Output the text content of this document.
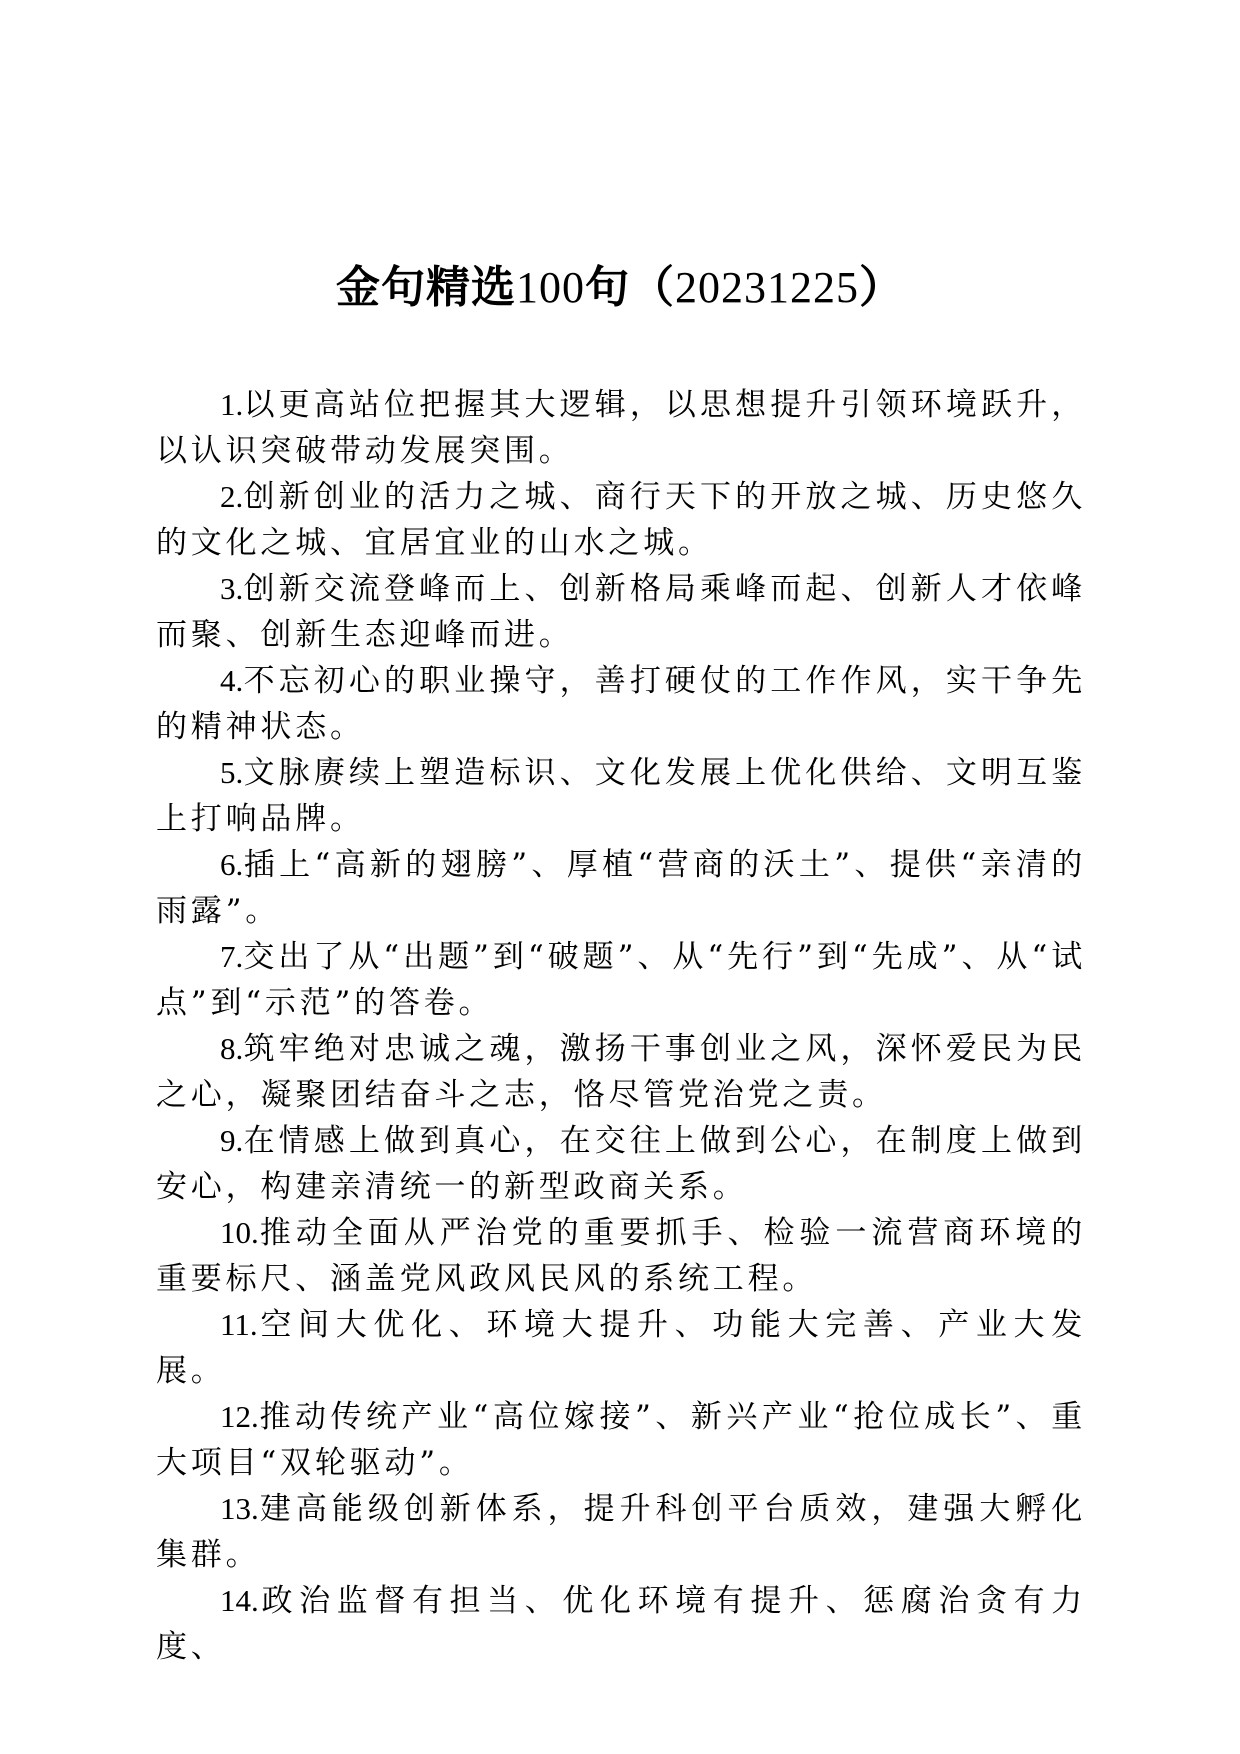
金句精选100句（20231225）

1.以更高站位把握其大逻辑，以思想提升引领环境跃升，以认识突破带动发展突围。

2.创新创业的活力之城、商行天下的开放之城、历史悠久的文化之城、宜居宜业的山水之城。

3.创新交流登峰而上、创新格局乘峰而起、创新人才依峰而聚、创新生态迎峰而进。

4.不忘初心的职业操守，善打硬仗的工作作风，实干争先的精神状态。

5.文脉赓续上塑造标识、文化发展上优化供给、文明互鉴上打响品牌。

6.插上“高新的翅膀”、厚植“营商的沃土”、提供“亲清的雨露”。

7.交出了从“出题”到“破题”、从“先行”到“先成”、从“试点”到“示范”的答卷。

8.筑牢绝对忠诚之魂，激扬干事创业之风，深怀爱民为民之心，凝聚团结奋斗之志，恪尽管党治党之责。

9.在情感上做到真心，在交往上做到公心，在制度上做到安心，构建亲清统一的新型政商关系。

10.推动全面从严治党的重要抓手、检验一流营商环境的重要标尺、涵盖党风政风民风的系统工程。

11.空间大优化、环境大提升、功能大完善、产业大发展。

12.推动传统产业“高位嫁接”、新兴产业“抢位成长”、重大项目“双轮驱动”。

13.建高能级创新体系，提升科创平台质效，建强大孵化集群。

14.政治监督有担当、优化环境有提升、惩腐治贪有力度、
